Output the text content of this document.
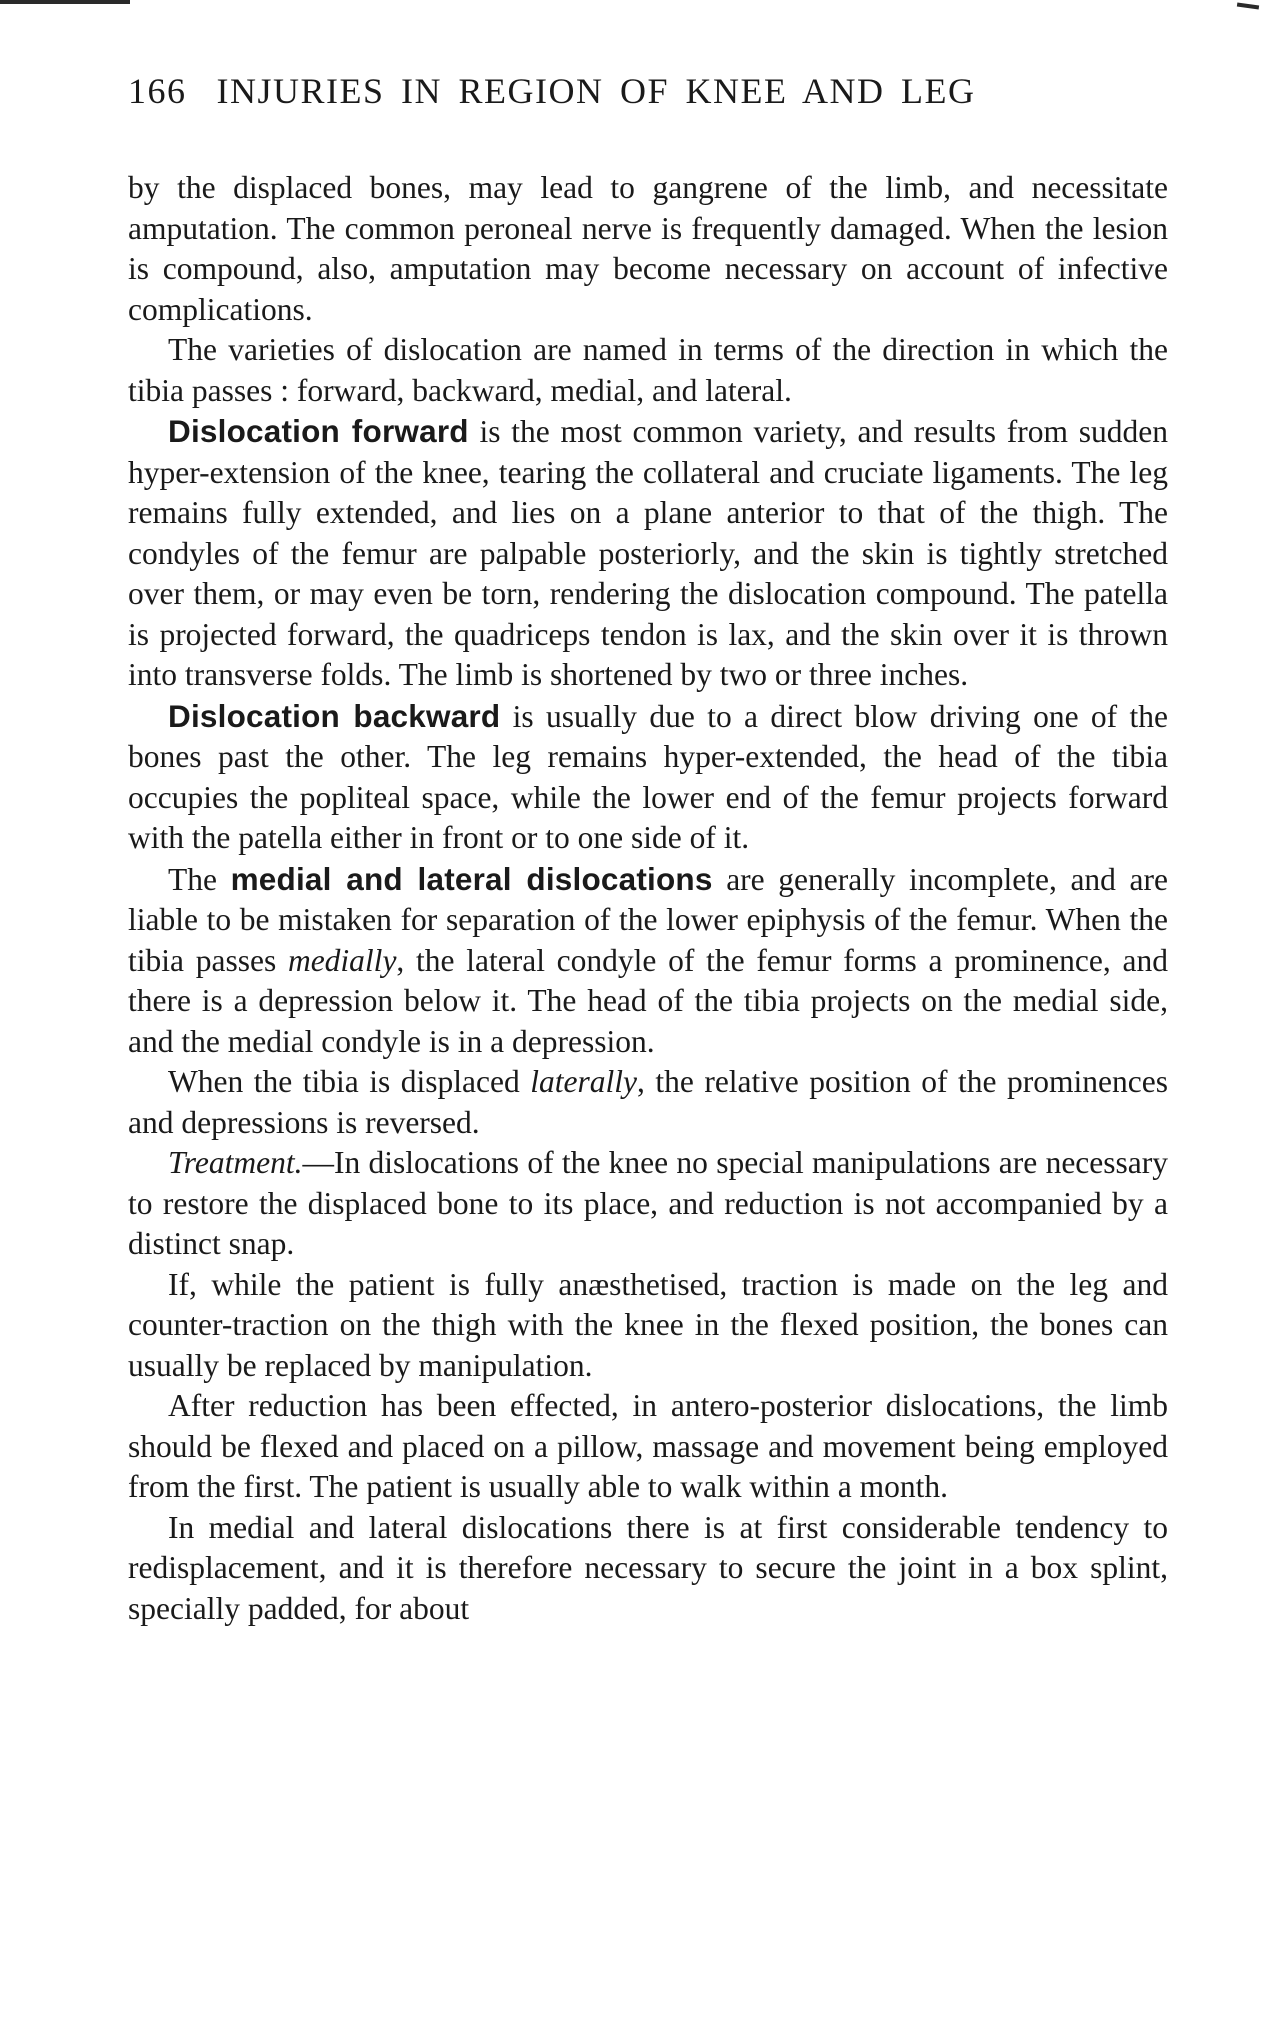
166 INJURIES IN REGION OF KNEE AND LEG

by the displaced bones, may lead to gangrene of the limb, and necessitate amputation. The common peroneal nerve is frequently damaged. When the lesion is compound, also, amputation may become necessary on account of infective complications.

The varieties of dislocation are named in terms of the direction in which the tibia passes : forward, backward, medial, and lateral.

Dislocation forward is the most common variety, and results from sudden hyper-extension of the knee, tearing the collateral and cruciate ligaments. The leg remains fully extended, and lies on a plane anterior to that of the thigh. The condyles of the femur are palpable posteriorly, and the skin is tightly stretched over them, or may even be torn, rendering the dislocation compound. The patella is projected forward, the quadriceps tendon is lax, and the skin over it is thrown into transverse folds. The limb is shortened by two or three inches.

Dislocation backward is usually due to a direct blow driving one of the bones past the other. The leg remains hyper-extended, the head of the tibia occupies the popliteal space, while the lower end of the femur projects forward with the patella either in front or to one side of it.

The medial and lateral dislocations are generally incomplete, and are liable to be mistaken for separation of the lower epiphysis of the femur. When the tibia passes medially, the lateral condyle of the femur forms a prominence, and there is a depression below it. The head of the tibia projects on the medial side, and the medial condyle is in a depression.

When the tibia is displaced laterally, the relative position of the prominences and depressions is reversed.

Treatment.—In dislocations of the knee no special manipulations are necessary to restore the displaced bone to its place, and reduction is not accompanied by a distinct snap.

If, while the patient is fully anæsthetised, traction is made on the leg and counter-traction on the thigh with the knee in the flexed position, the bones can usually be replaced by manipulation.

After reduction has been effected, in antero-posterior dislocations, the limb should be flexed and placed on a pillow, massage and movement being employed from the first. The patient is usually able to walk within a month.

In medial and lateral dislocations there is at first considerable tendency to redisplacement, and it is therefore necessary to secure the joint in a box splint, specially padded, for about
